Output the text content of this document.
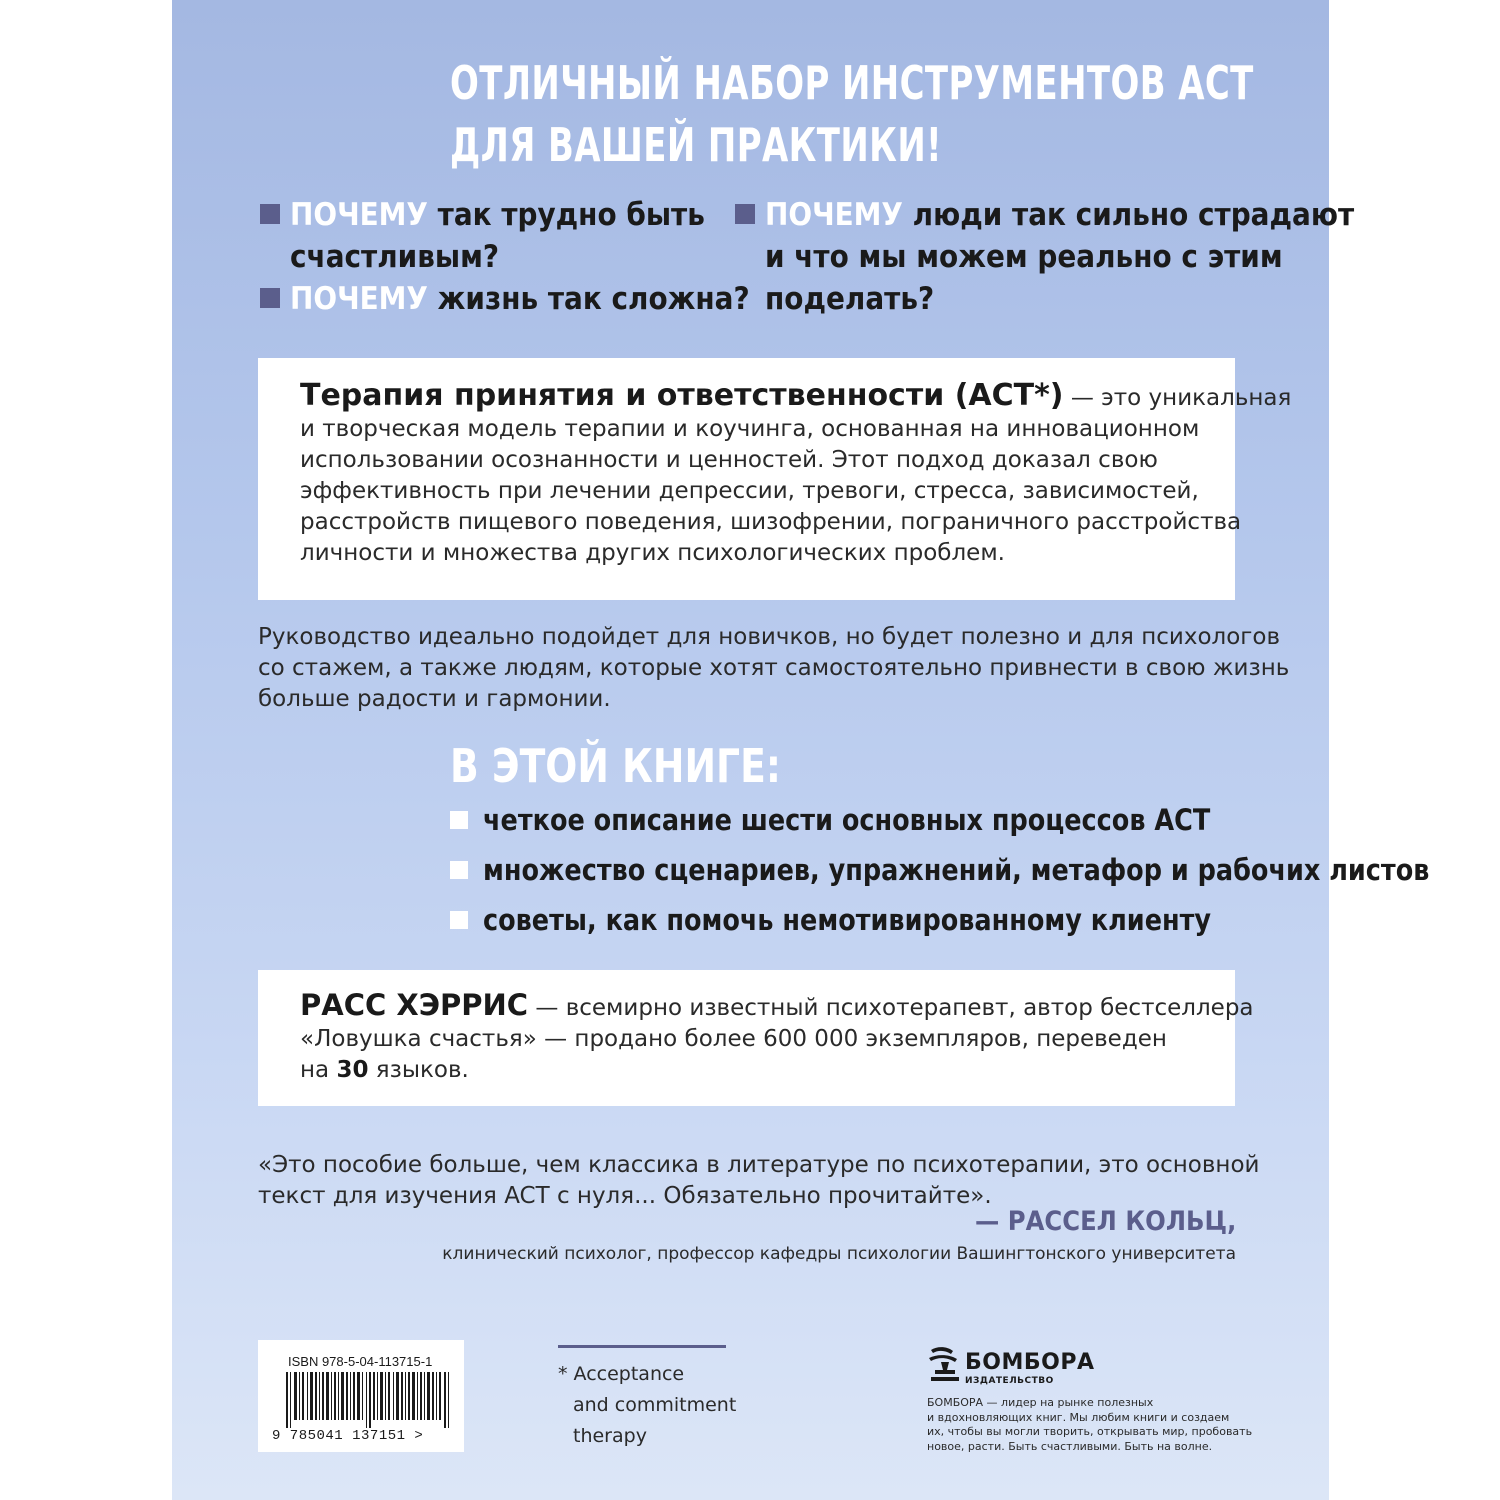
ОТЛИЧНЫЙ НАБОР ИНСТРУМЕНТОВ ACT
ДЛЯ ВАШЕЙ ПРАКТИКИ!
ПОЧЕМУ так трудно быть
счастливым?
ПОЧЕМУ жизнь так сложна?
ПОЧЕМУ люди так сильно страдают
и что мы можем реально с этим
поделать?
Терапия принятия и ответственности (ACT*) — это уникальная
и творческая модель терапии и коучинга, основанная на инновационном
использовании осознанности и ценностей. Этот подход доказал свою
эффективность при лечении депрессии, тревоги, стресса, зависимостей,
расстройств пищевого поведения, шизофрении, пограничного расстройства
личности и множества других психологических проблем.
Руководство идеально подойдет для новичков, но будет полезно и для психологов
со стажем, а также людям, которые хотят самостоятельно привнести в свою жизнь
больше радости и гармонии.
В ЭТОЙ КНИГЕ:
четкое описание шести основных процессов ACT
множество сценариев, упражнений, метафор и рабочих листов
советы, как помочь немотивированному клиенту
РАСС ХЭРРИС — всемирно известный психотерапевт, автор бестселлера
«Ловушка счастья» — продано более 600 000 экземпляров, переведен
на 30 языков.
«Это пособие больше, чем классика в литературе по психотерапии, это основной
текст для изучения ACT с нуля... Обязательно прочитайте».
— РАССЕЛ КОЛЬЦ,
клинический психолог, профессор кафедры психологии Вашингтонского университета
ISBN 978-5-04-113715-1
9 785041 137151 >
* Acceptance
and commitment
therapy
БОМБОРА
ИЗДАТЕЛЬСТВО
БОМБОРА — лидер на рынке полезных
и вдохновляющих книг. Мы любим книги и создаем
их, чтобы вы могли творить, открывать мир, пробовать
новое, расти. Быть счастливыми. Быть на волне.
